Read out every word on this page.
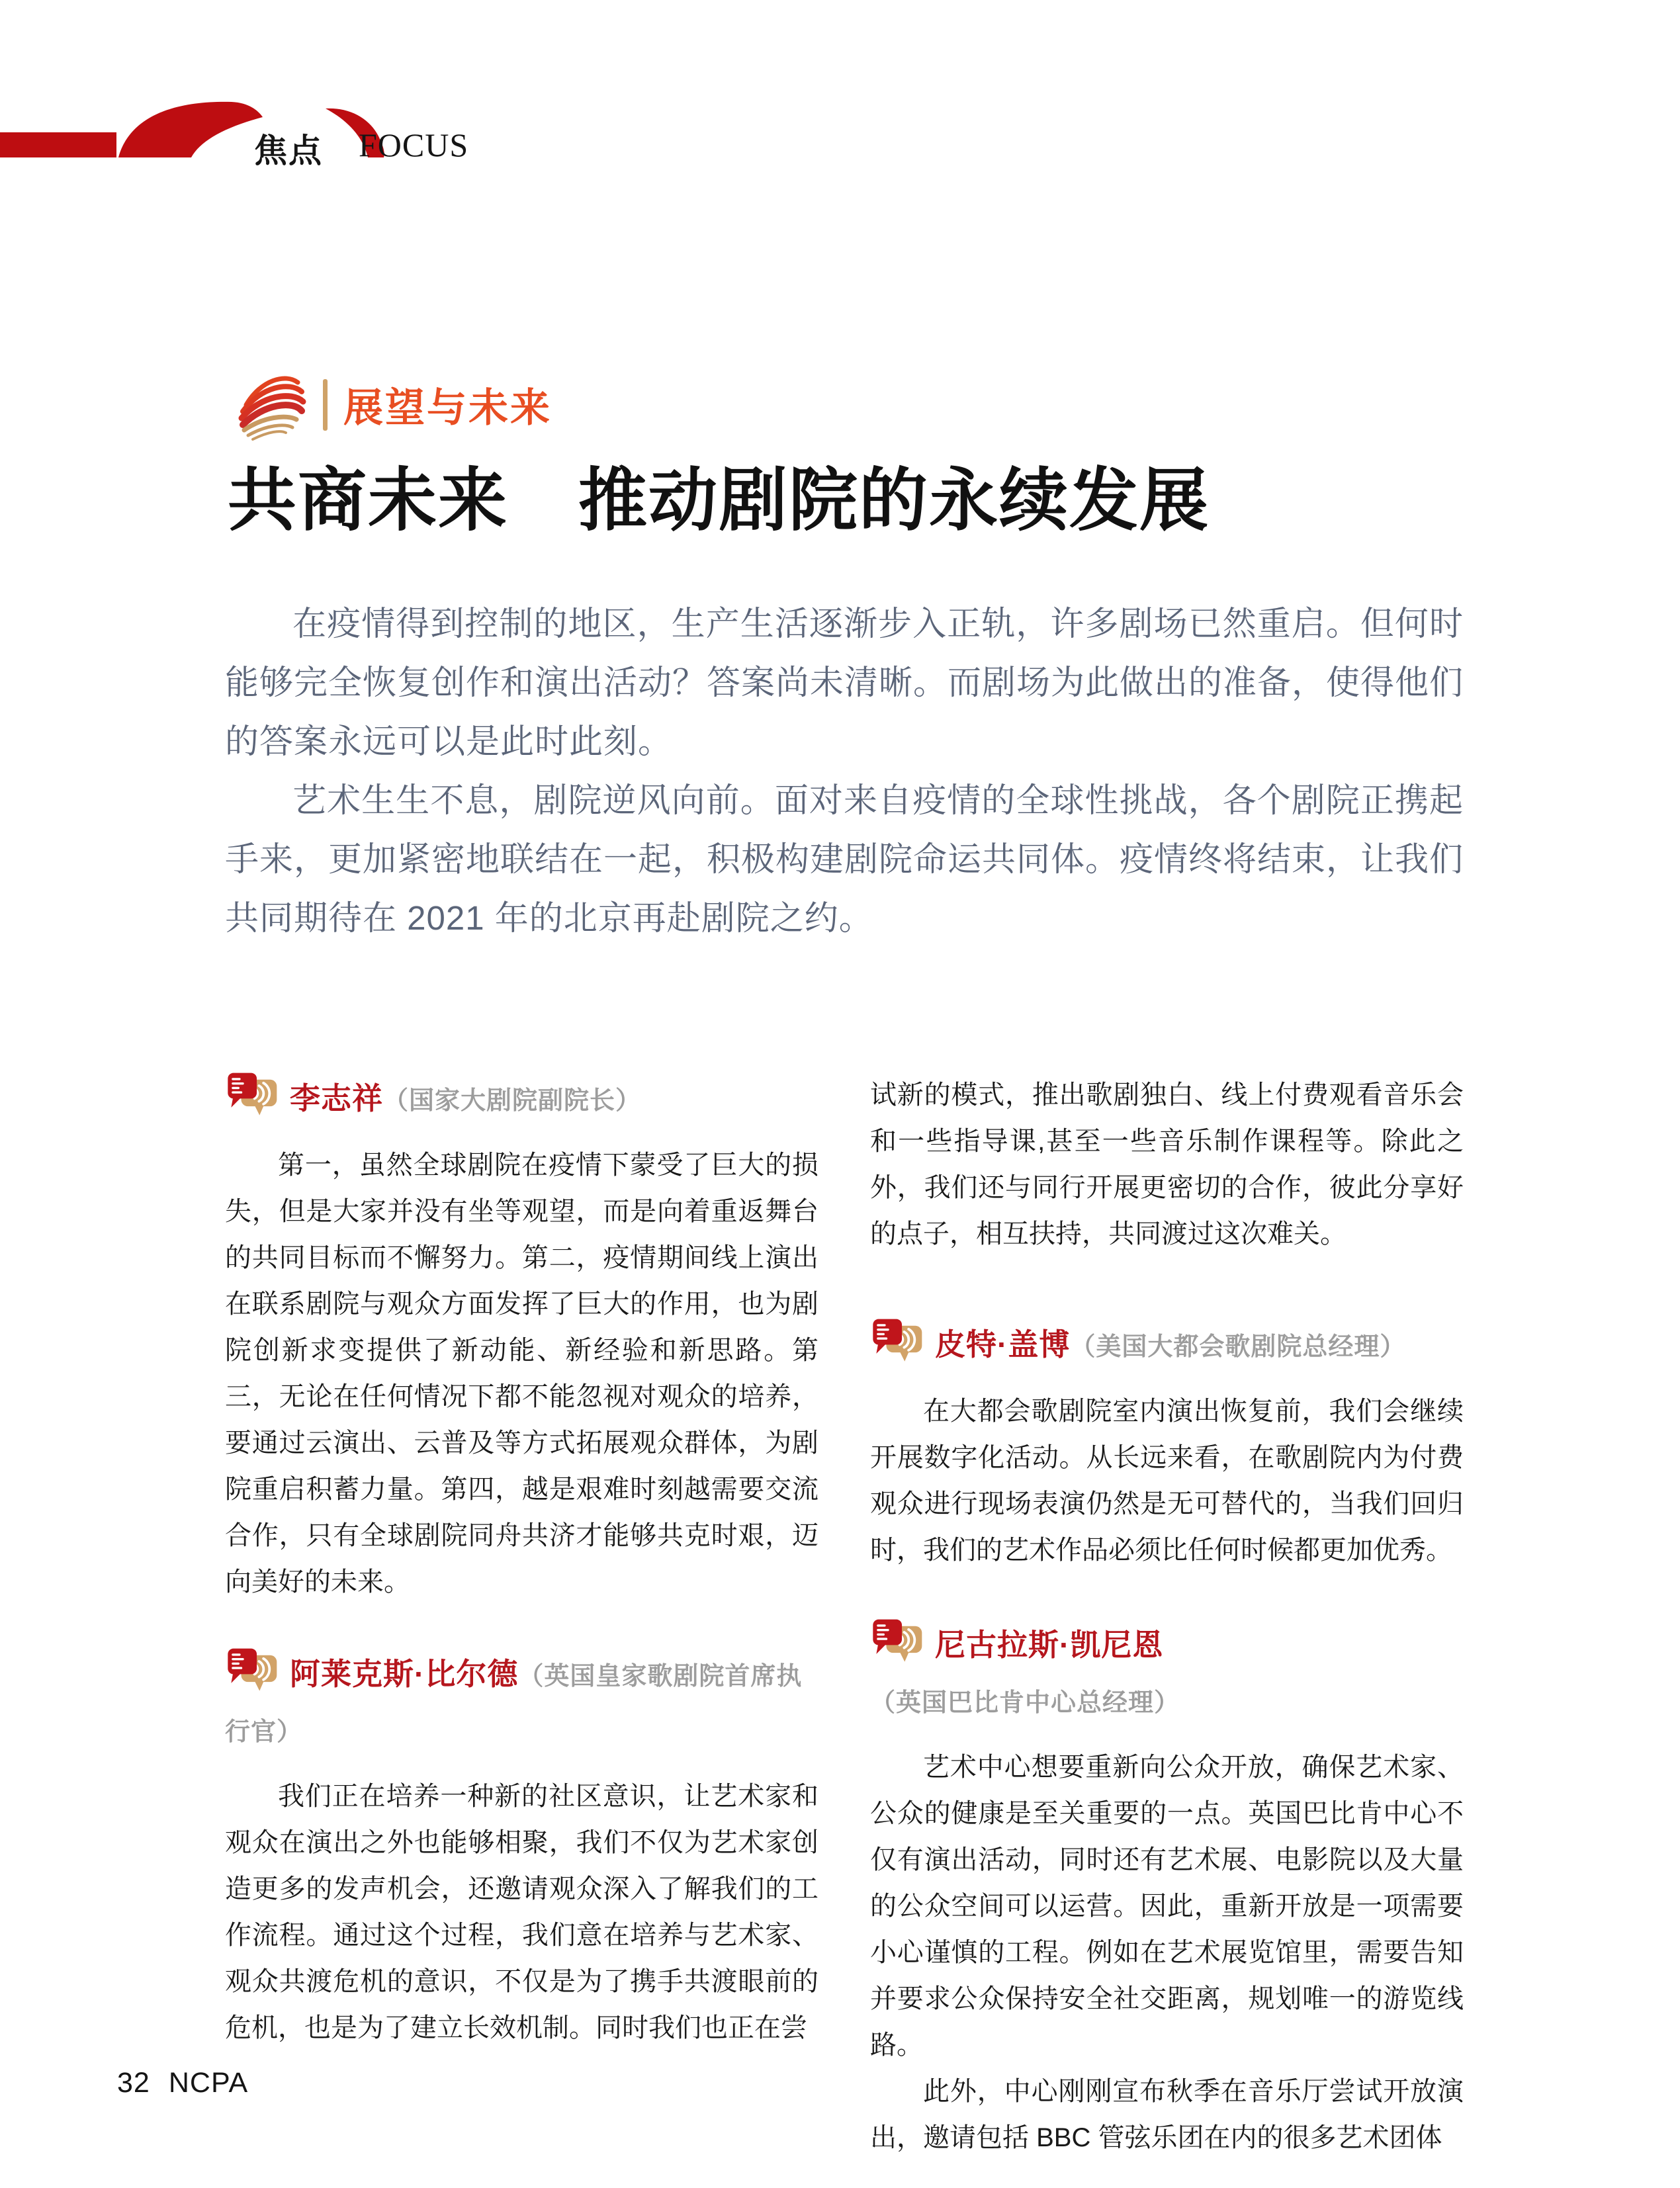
焦点 FOCUS
展望与未来
共商未来　推动剧院的永续发展

在疫情得到控制的地区，生产生活逐渐步入正轨，许多剧场已然重启。但何时能够完全恢复创作和演出活动？答案尚未清晰。而剧场为此做出的准备，使得他们的答案永远可以是此时此刻。

艺术生生不息，剧院逆风向前。面对来自疫情的全球性挑战，各个剧院正携起手来，更加紧密地联结在一起，积极构建剧院命运共同体。疫情终将结束，让我们共同期待在 2021 年的北京再赴剧院之约。

李志祥（国家大剧院副院长）

第一，虽然全球剧院在疫情下蒙受了巨大的损失，但是大家并没有坐等观望，而是向着重返舞台的共同目标而不懈努力。第二，疫情期间线上演出在联系剧院与观众方面发挥了巨大的作用，也为剧院创新求变提供了新动能、新经验和新思路。第三，无论在任何情况下都不能忽视对观众的培养，要通过云演出、云普及等方式拓展观众群体，为剧院重启积蓄力量。第四，越是艰难时刻越需要交流合作，只有全球剧院同舟共济才能够共克时艰，迈向美好的未来。

阿莱克斯·比尔德（英国皇家歌剧院首席执行官）

我们正在培养一种新的社区意识，让艺术家和观众在演出之外也能够相聚，我们不仅为艺术家创造更多的发声机会，还邀请观众深入了解我们的工作流程。通过这个过程，我们意在培养与艺术家、观众共渡危机的意识，不仅是为了携手共渡眼前的危机，也是为了建立长效机制。同时我们也正在尝

试新的模式，推出歌剧独白、线上付费观看音乐会和一些指导课,甚至一些音乐制作课程等。除此之外，我们还与同行开展更密切的合作，彼此分享好的点子，相互扶持，共同渡过这次难关。

皮特·盖博（美国大都会歌剧院总经理）

在大都会歌剧院室内演出恢复前，我们会继续开展数字化活动。从长远来看，在歌剧院内为付费观众进行现场表演仍然是无可替代的，当我们回归时，我们的艺术作品必须比任何时候都更加优秀。

尼古拉斯·凯尼恩（英国巴比肯中心总经理）

艺术中心想要重新向公众开放，确保艺术家、公众的健康是至关重要的一点。英国巴比肯中心不仅有演出活动，同时还有艺术展、电影院以及大量的公众空间可以运营。因此，重新开放是一项需要小心谨慎的工程。例如在艺术展览馆里，需要告知并要求公众保持安全社交距离，规划唯一的游览线路。

此外，中心刚刚宣布秋季在音乐厅尝试开放演出，邀请包括 BBC 管弦乐团在内的很多艺术团体

32 NCPA
